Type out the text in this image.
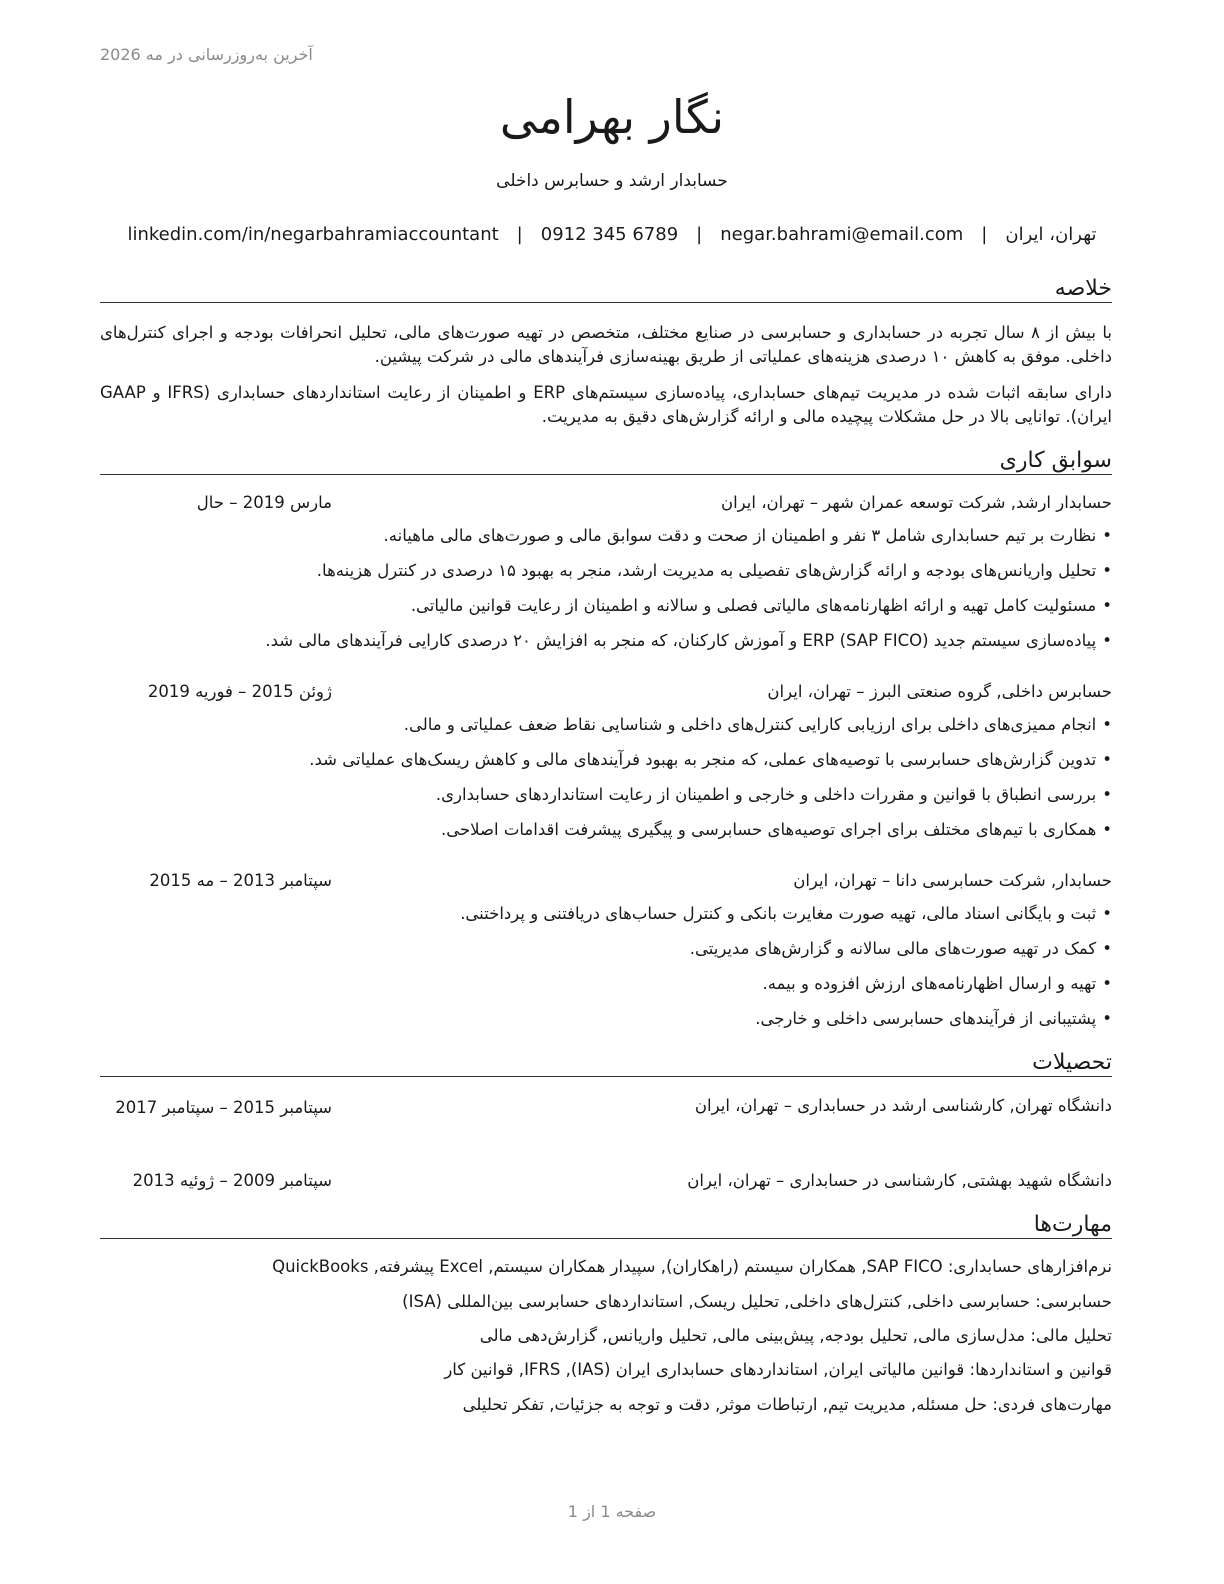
آخرین به‌روزرسانی در مه 2026
نگار بهرامی
حسابدار ارشد و حسابرس داخلی
تهران، ایران
|
negar.bahrami@email.com
|
0912 345 6789
|
linkedin.com/in/negarbahramiaccountant
خلاصه

با بیش از ۸ سال تجربه در حسابداری و حسابرسی در صنایع مختلف، متخصص در تهیه صورت‌های مالی، تحلیل انحرافات بودجه و اجرای کنترل‌های داخلی. موفق به کاهش ۱۰ درصدی هزینه‌های عملیاتی از طریق بهینه‌سازی فرآیندهای مالی در شرکت پیشین.

دارای سابقه اثبات شده در مدیریت تیم‌های حسابداری، پیاده‌سازی سیستم‌های ERP و اطمینان از رعایت استانداردهای حسابداری (IFRS و GAAP ایران). توانایی بالا در حل مشکلات پیچیده مالی و ارائه گزارش‌های دقیق به مدیریت.

سوابق کاری
حسابدار ارشد, شرکت توسعه عمران شهر – تهران، ایران
مارس 2019 – حال
• نظارت بر تیم حسابداری شامل ۳ نفر و اطمینان از صحت و دقت سوابق مالی و صورت‌های مالی ماهیانه.
• تحلیل واریانس‌های بودجه و ارائه گزارش‌های تفصیلی به مدیریت ارشد، منجر به بهبود ۱۵ درصدی در کنترل هزینه‌ها.
• مسئولیت کامل تهیه و ارائه اظهارنامه‌های مالیاتی فصلی و سالانه و اطمینان از رعایت قوانین مالیاتی.
• پیاده‌سازی سیستم جدید ERP (SAP FICO) و آموزش کارکنان، که منجر به افزایش ۲۰ درصدی کارایی فرآیندهای مالی شد.
حسابرس داخلی, گروه صنعتی البرز – تهران، ایران
ژوئن 2015 – فوریه 2019
• انجام ممیزی‌های داخلی برای ارزیابی کارایی کنترل‌های داخلی و شناسایی نقاط ضعف عملیاتی و مالی.
• تدوین گزارش‌های حسابرسی با توصیه‌های عملی، که منجر به بهبود فرآیندهای مالی و کاهش ریسک‌های عملیاتی شد.
• بررسی انطباق با قوانین و مقررات داخلی و خارجی و اطمینان از رعایت استانداردهای حسابداری.
• همکاری با تیم‌های مختلف برای اجرای توصیه‌های حسابرسی و پیگیری پیشرفت اقدامات اصلاحی.
حسابدار, شرکت حسابرسی دانا – تهران، ایران
سپتامبر 2013 – مه 2015
• ثبت و بایگانی اسناد مالی، تهیه صورت مغایرت بانکی و کنترل حساب‌های دریافتنی و پرداختنی.
• کمک در تهیه صورت‌های مالی سالانه و گزارش‌های مدیریتی.
• تهیه و ارسال اظهارنامه‌های ارزش افزوده و بیمه.
• پشتیبانی از فرآیندهای حسابرسی داخلی و خارجی.
تحصیلات
دانشگاه تهران, کارشناسی ارشد در حسابداری – تهران، ایران
سپتامبر 2015 – سپتامبر 2017
دانشگاه شهید بهشتی, کارشناسی در حسابداری – تهران، ایران
سپتامبر 2009 – ژوئیه 2013
مهارت‌ها
نرم‌افزارهای حسابداری: SAP FICO, همکاران سیستم (راهکاران), سپیدار همکاران سیستم, Excel پیشرفته, QuickBooks
حسابرسی: حسابرسی داخلی, کنترل‌های داخلی, تحلیل ریسک, استانداردهای حسابرسی بین‌المللی (ISA)
تحلیل مالی: مدل‌سازی مالی, تحلیل بودجه, پیش‌بینی مالی, تحلیل واریانس, گزارش‌دهی مالی
قوانین و استانداردها: قوانین مالیاتی ایران, استانداردهای حسابداری ایران (IAS), IFRS, قوانین کار
مهارت‌های فردی: حل مسئله, مدیریت تیم, ارتباطات موثر, دقت و توجه به جزئیات, تفکر تحلیلی
صفحه 1 از 1
